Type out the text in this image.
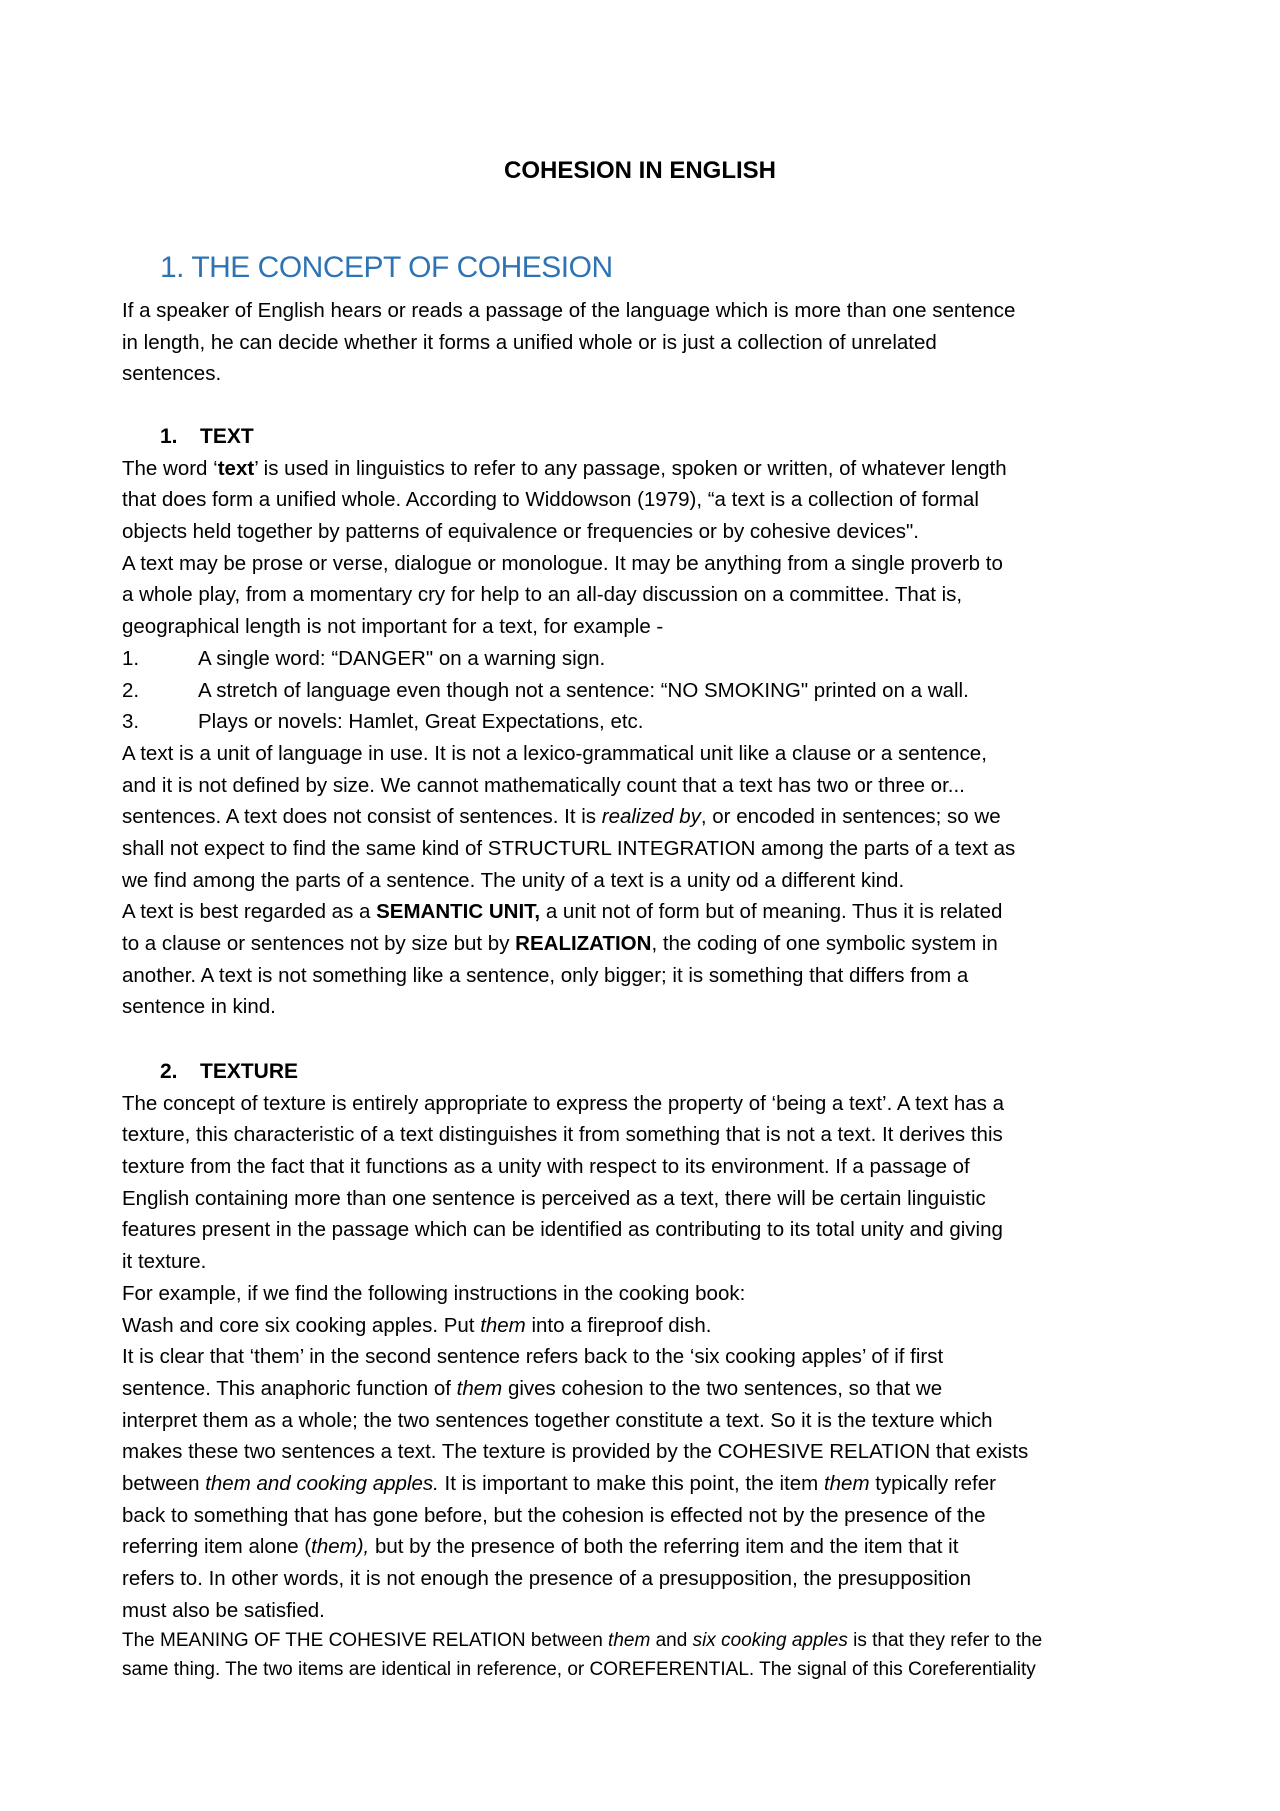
COHESION IN ENGLISH
1. THE CONCEPT OF COHESION
If a speaker of English hears or reads a passage of the language which is more than one sentence
in length, he can decide whether it forms a unified whole or is just a collection of unrelated
sentences.
1. TEXT
The word ‘text’ is used in linguistics to refer to any passage, spoken or written, of whatever length
that does form a unified whole. According to Widdowson (1979), “a text is a collection of formal
objects held together by patterns of equivalence or frequencies or by cohesive devices".
A text may be prose or verse, dialogue or monologue. It may be anything from a single proverb to
a whole play, from a momentary cry for help to an all-day discussion on a committee. That is,
geographical length is not important for a text, for example -
1.	A single word: “DANGER" on a warning sign.
2.	A stretch of language even though not a sentence: “NO SMOKING" printed on a wall.
3.	Plays or novels: Hamlet, Great Expectations, etc.
A text is a unit of language in use. It is not a lexico-grammatical unit like a clause or a sentence,
and it is not defined by size. We cannot mathematically count that a text has two or three or...
sentences. A text does not consist of sentences. It is realized by, or encoded in sentences; so we
shall not expect to find the same kind of STRUCTURL INTEGRATION among the parts of a text as
we find among the parts of a sentence. The unity of a text is a unity od a different kind.
A text is best regarded as a SEMANTIC UNIT, a unit not of form but of meaning. Thus it is related
to a clause or sentences not by size but by REALIZATION, the coding of one symbolic system in
another. A text is not something like a sentence, only bigger; it is something that differs from a
sentence in kind.
2. TEXTURE
The concept of texture is entirely appropriate to express the property of ‘being a text’. A text has a
texture, this characteristic of a text distinguishes it from something that is not a text. It derives this
texture from the fact that it functions as a unity with respect to its environment. If a passage of
English containing more than one sentence is perceived as a text, there will be certain linguistic
features present in the passage which can be identified as contributing to its total unity and giving
it texture.
For example, if we find the following instructions in the cooking book:
Wash and core six cooking apples. Put them into a fireproof dish.
It is clear that ‘them’ in the second sentence refers back to the ‘six cooking apples’ of if first
sentence. This anaphoric function of them gives cohesion to the two sentences, so that we
interpret them as a whole; the two sentences together constitute a text. So it is the texture which
makes these two sentences a text. The texture is provided by the COHESIVE RELATION that exists
between them and cooking apples. It is important to make this point, the item them typically refer
back to something that has gone before, but the cohesion is effected not by the presence of the
referring item alone (them), but by the presence of both the referring item and the item that it
refers to. In other words, it is not enough the presence of a presupposition, the presupposition
must also be satisfied.
The MEANING OF THE COHESIVE RELATION between them and six cooking apples is that they refer to the
same thing. The two items are identical in reference, or COREFERENTIAL. The signal of this Coreferentiality
